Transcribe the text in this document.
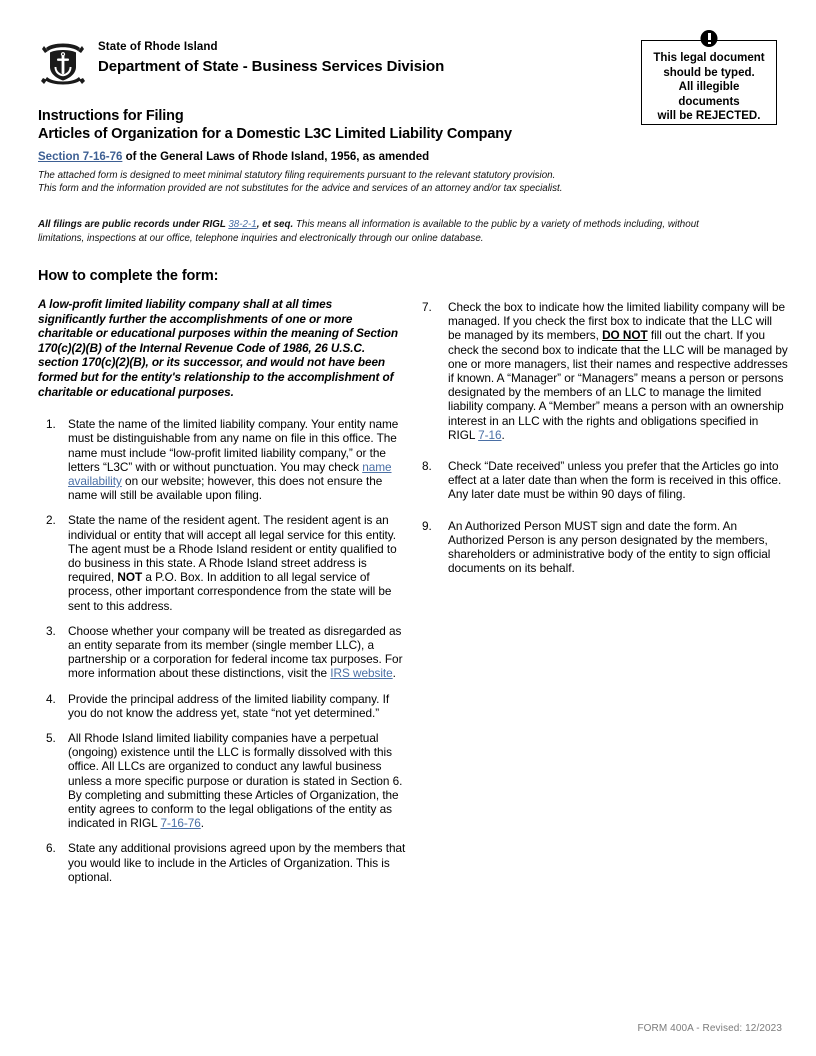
State of Rhode Island
Department of State - Business Services Division	This legal document
should be typed.
All illegible
documents
will be REJECTED.
Instructions for Filing
Articles of Organization for a Domestic L3C Limited Liability Company
Section 7-16-76 of the General Laws of Rhode Island, 1956, as amended
The attached form is designed to meet minimal statutory filing requirements pursuant to the relevant statutory provision.
This form and the information provided are not substitutes for the advice and services of an attorney and/or tax specialist.
All filings are public records under RIGL 38-2-1, et seq. This means all information is available to the public by a variety of methods including, without limitations, inspections at our office, telephone inquiries and electronically through our online database.
How to complete the form:

A low-profit limited liability company shall at all times significantly further the accomplishments of one or more charitable or educational purposes within the meaning of Section 170(c)(2)(B) of the Internal Revenue Code of 1986, 26 U.S.C. section 170(c)(2)(B), or its successor, and would not have been formed but for the entity's relationship to the accomplishment of charitable or educational purposes.

1.	State the name of the limited liability company. Your entity name must be distinguishable from any name on file in this office. The name must include “low-profit limited liability company,” or the letters “L3C” with or without punctuation. You may check name availability on our website; however, this does not ensure the name will still be available upon filing.
2.	State the name of the resident agent. The resident agent is an individual or entity that will accept all legal service for this entity. The agent must be a Rhode Island resident or entity qualified to do business in this state. A Rhode Island street address is required, NOT a P.O. Box. In addition to all legal service of process, other important correspondence from the state will be sent to this address.
3.	Choose whether your company will be treated as disregarded as an entity separate from its member (single member LLC), a partnership or a corporation for federal income tax purposes. For more information about these distinctions, visit the IRS website.
4.	Provide the principal address of the limited liability company. If you do not know the address yet, state “not yet determined.”
5.	All Rhode Island limited liability companies have a perpetual (ongoing) existence until the LLC is formally dissolved with this office. All LLCs are organized to conduct any lawful business unless a more specific purpose or duration is stated in Section 6. By completing and submitting these Articles of Organization, the entity agrees to conform to the legal obligations of the entity as indicated in RIGL 7-16-76.
6.	State any additional provisions agreed upon by the members that you would like to include in the Articles of Organization. This is optional.
7.	Check the box to indicate how the limited liability company will be managed. If you check the first box to indicate that the LLC will be managed by its members, DO NOT fill out the chart. If you check the second box to indicate that the LLC will be managed by one or more managers, list their names and respective addresses if known. A “Manager” or “Managers” means a person or persons designated by the members of an LLC to manage the limited liability company. A “Member” means a person with an ownership interest in an LLC with the rights and obligations specified in RIGL 7-16.
8.	Check “Date received” unless you prefer that the Articles go into effect at a later date than when the form is received in this office. Any later date must be within 90 days of filing.
9.	An Authorized Person MUST sign and date the form. An Authorized Person is any person designated by the members, shareholders or administrative body of the entity to sign official documents on its behalf.
FORM 400A - Revised: 12/2023
